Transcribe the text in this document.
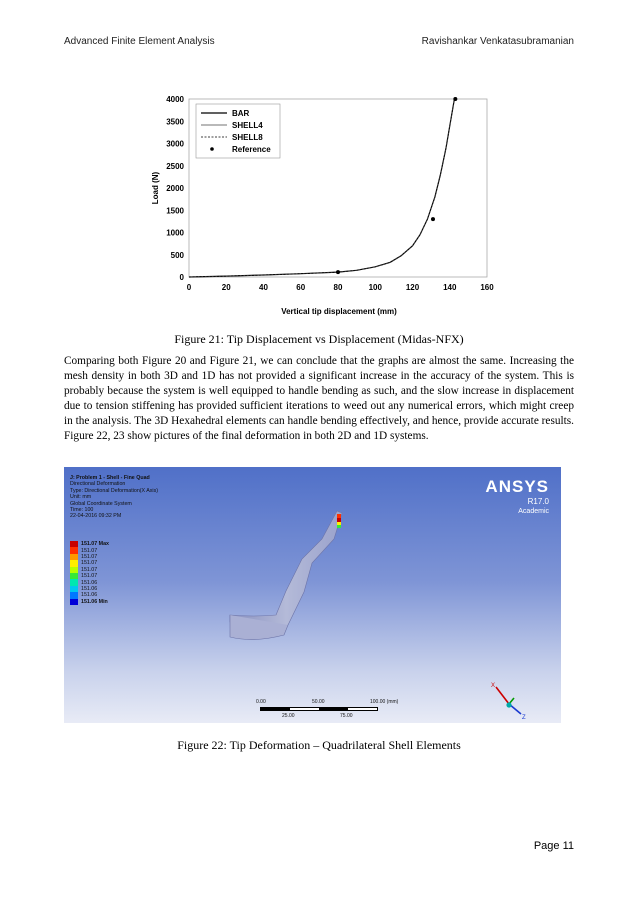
Advanced Finite Element Analysis	Ravishankar Venkatasubramanian
Load (N)
Vertical tip displacement (mm)
0	20	40	60	80	100	120	140	160
0
500
1000
1500
2000
2500
3000
3500
4000
BAR
SHELL4
SHELL8
Reference
Figure 21: Tip Displacement vs Displacement (Midas-NFX)
Comparing both Figure 20 and Figure 21, we can conclude that the graphs are almost the same. Increasing the mesh density in both 3D and 1D has not provided a significant increase in the accuracy of the system. This is probably because the system is well equipped to handle bending as such, and the slow increase in displacement due to tension stiffening has provided sufficient iterations to weed out any numerical errors, which might creep in the analysis. The 3D Hexahedral elements can handle bending effectively, and hence, provide accurate results. Figure 22, 23 show pictures of the final deformation in both 2D and 1D systems.
X
Z
J: Problem 1 - Shell - Fine Quad
Directional Deformation
Type: Directional Deformation(X Axis)
Unit: mm
Global Coordinate System
Time: 100
22-04-2016 09:32 PM
151.07 Max
151.07
151.07
151.07
151.07
151.07
151.06
151.06
151.06
151.06 Min
ANSYS
R17.0
Academic
0.00	50.00	100.00 (mm)
25.00	75.00
Figure 22: Tip Deformation – Quadrilateral Shell Elements
Page 11
